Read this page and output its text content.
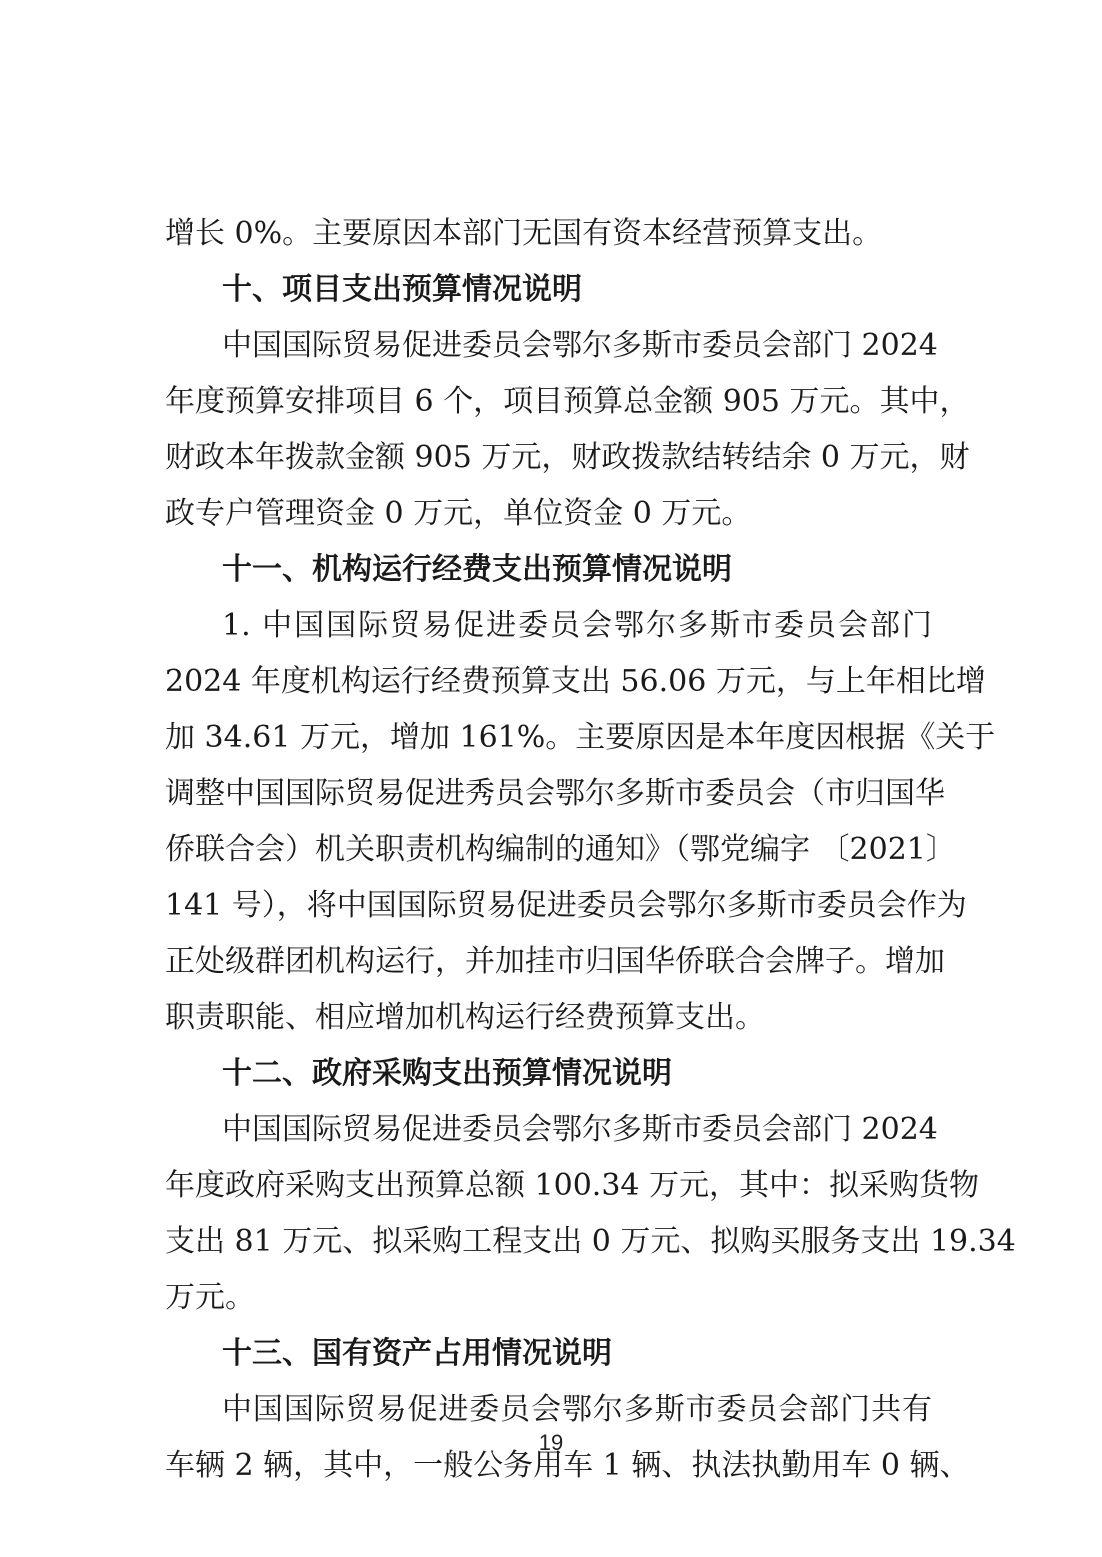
增长 0%。主要原因本部门无国有资本经营预算支出。

十、项目支出预算情况说明

中国国际贸易促进委员会鄂尔多斯市委员会部门 2024

年度预算安排项目 6 个，项目预算总金额 905 万元。其中，

财政本年拨款金额 905 万元，财政拨款结转结余 0 万元，财

政专户管理资金 0 万元，单位资金 0 万元。

十一、机构运行经费支出预算情况说明

1. 中国国际贸易促进委员会鄂尔多斯市委员会部门

2024 年度机构运行经费预算支出 56.06 万元，与上年相比增

加 34.61 万元，增加 161%。主要原因是本年度因根据《关于

调整中国国际贸易促进秀员会鄂尔多斯市委员会（市归国华

侨联合会）机关职责机构编制的通知》（鄂党编字 〔2021〕

141 号），将中国国际贸易促进委员会鄂尔多斯市委员会作为

正处级群团机构运行，并加挂市归国华侨联合会牌子。增加

职责职能、相应增加机构运行经费预算支出。

十二、政府采购支出预算情况说明

中国国际贸易促进委员会鄂尔多斯市委员会部门 2024

年度政府采购支出预算总额 100.34 万元，其中：拟采购货物

支出 81 万元、拟采购工程支出 0 万元、拟购买服务支出 19.34

万元。

十三、国有资产占用情况说明

中国国际贸易促进委员会鄂尔多斯市委员会部门共有

车辆 2 辆，其中，一般公务用车 1 辆、执法执勤用车 0 辆、

19
